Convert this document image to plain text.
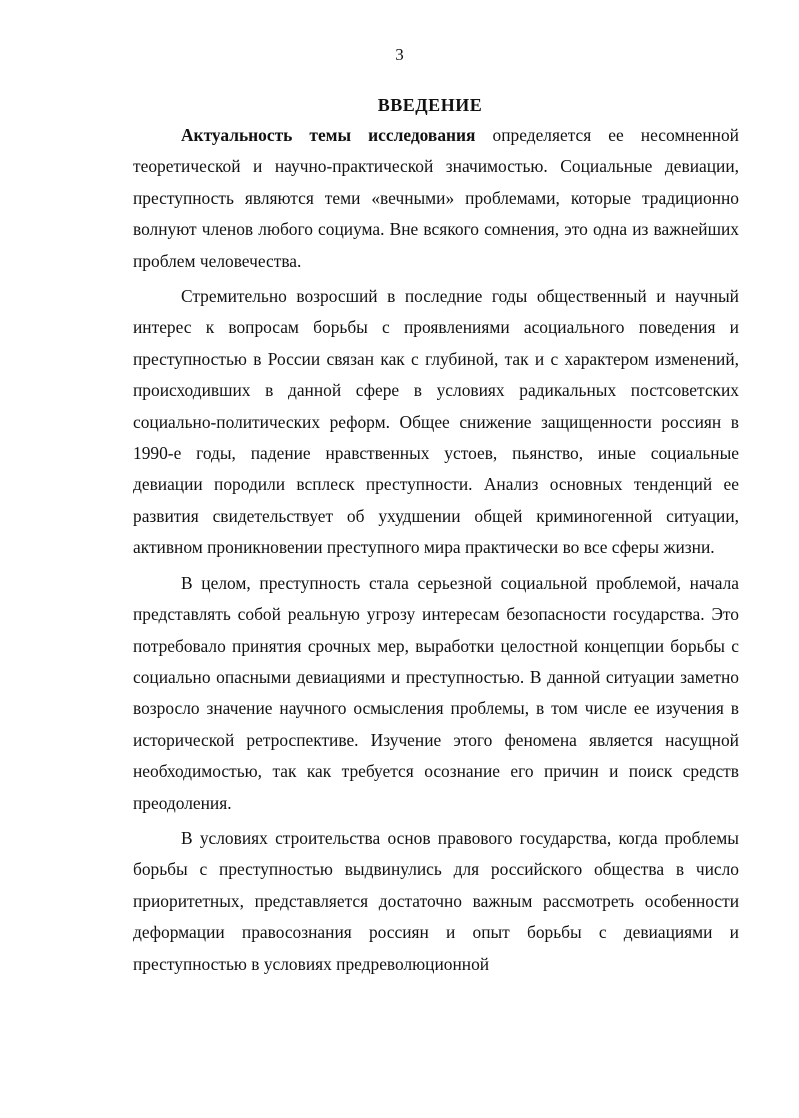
3
ВВЕДЕНИЕ

Актуальность темы исследования определяется ее несомненной теоретической и научно-практической значимостью. Социальные девиации, преступность являются теми «вечными» проблемами, которые традиционно волнуют членов любого социума. Вне всякого сомнения, это одна из важнейших проблем человечества.

Стремительно возросший в последние годы общественный и научный интерес к вопросам борьбы с проявлениями асоциального поведения и преступностью в России связан как с глубиной, так и с характером изменений, происходивших в данной сфере в условиях радикальных постсоветских социально-политических реформ. Общее снижение защищенности россиян в 1990-е годы, падение нравственных устоев, пьянство, иные социальные девиации породили всплеск преступности. Анализ основных тенденций ее развития свидетельствует об ухудшении общей криминогенной ситуации, активном проникновении преступного мира практически во все сферы жизни.

В целом, преступность стала серьезной социальной проблемой, начала представлять собой реальную угрозу интересам безопасности государства. Это потребовало принятия срочных мер, выработки целостной концепции борьбы с социально опасными девиациями и преступностью. В данной ситуации заметно возросло значение научного осмысления проблемы, в том числе ее изучения в исторической ретроспективе. Изучение этого феномена является насущной необходимостью, так как требуется осознание его причин и поиск средств преодоления.

В условиях строительства основ правового государства, когда проблемы борьбы с преступностью выдвинулись для российского общества в число приоритетных, представляется достаточно важным рассмотреть особенности деформации правосознания россиян и опыт борьбы с девиациями и преступностью в условиях предреволюционной
